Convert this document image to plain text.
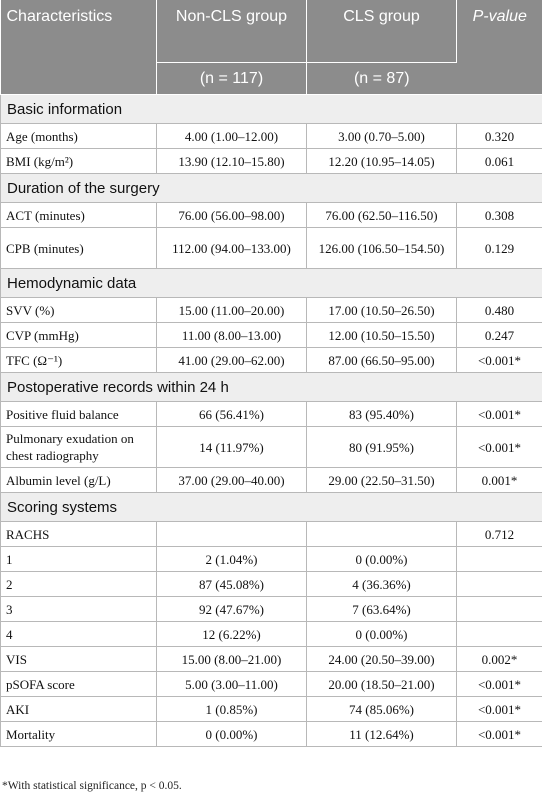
Characteristics	Non-CLS group	CLS group	P-value
	(n = 117)	(n = 87)	
Basic information			
Age (months)	4.00 (1.00–12.00)	3.00 (0.70–5.00)	0.320
BMI (kg/m²)	13.90 (12.10–15.80)	12.20 (10.95–14.05)	0.061
Duration of the surgery			
ACT (minutes)	76.00 (56.00–98.00)	76.00 (62.50–116.50)	0.308
CPB (minutes)	112.00 (94.00–133.00)	126.00 (106.50–154.50)	0.129
Hemodynamic data			
SVV (%)	15.00 (11.00–20.00)	17.00 (10.50–26.50)	0.480
CVP (mmHg)	11.00 (8.00–13.00)	12.00 (10.50–15.50)	0.247
TFC (Ω⁻¹)	41.00 (29.00–62.00)	87.00 (66.50–95.00)	<0.001*
Postoperative records within 24 h			
Positive fluid balance	66 (56.41%)	83 (95.40%)	<0.001*
Pulmonary exudation on chest radiography	14 (11.97%)	80 (91.95%)	<0.001*
Albumin level (g/L)	37.00 (29.00–40.00)	29.00 (22.50–31.50)	0.001*
Scoring systems			
RACHS			0.712
1	2 (1.04%)	0 (0.00%)	
2	87 (45.08%)	4 (36.36%)	
3	92 (47.67%)	7 (63.64%)	
4	12 (6.22%)	0 (0.00%)	
VIS	15.00 (8.00–21.00)	24.00 (20.50–39.00)	0.002*
pSOFA score	5.00 (3.00–11.00)	20.00 (18.50–21.00)	<0.001*
AKI	1 (0.85%)	74 (85.06%)	<0.001*
Mortality	0 (0.00%)	11 (12.64%)	<0.001*
*With statistical significance, p < 0.05.
